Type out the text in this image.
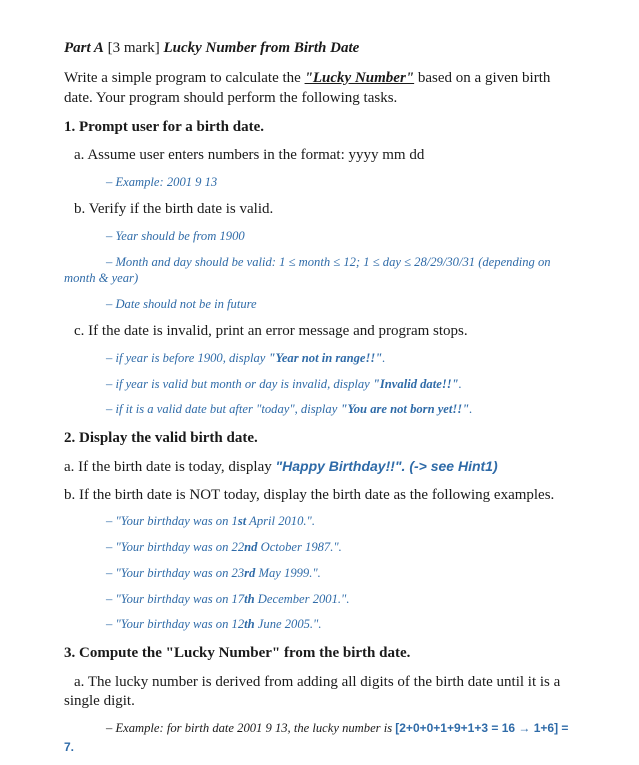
Part A [3 mark] Lucky Number from Birth Date
Write a simple program to calculate the "Lucky Number" based on a given birth
date. Your program should perform the following tasks.
1. Prompt user for a birth date.
a. Assume user enters numbers in the format: yyyy mm dd
– Example: 2001 9 13
b. Verify if the birth date is valid.
– Year should be from 1900
– Month and day should be valid: 1 ≤ month ≤ 12; 1 ≤ day ≤ 28/29/30/31 (depending on
month & year)
– Date should not be in future
c. If the date is invalid, print an error message and program stops.
– if year is before 1900, display "Year not in range!!".
– if year is valid but month or day is invalid, display "Invalid date!!".
– if it is a valid date but after "today", display "You are not born yet!!".
2. Display the valid birth date.
a. If the birth date is today, display "Happy Birthday!!". (-> see Hint1)
b. If the birth date is NOT today, display the birth date as the following examples.
– "Your birthday was on 1st April 2010.".
– "Your birthday was on 22nd October 1987.".
– "Your birthday was on 23rd May 1999.".
– "Your birthday was on 17th December 2001.".
– "Your birthday was on 12th June 2005.".
3. Compute the "Lucky Number" from the birth date.
a. The lucky number is derived from adding all digits of the birth date until it is a
single digit.
– Example: for birth date 2001 9 13, the lucky number is [2+0+0+1+9+1+3 = 16 → 1+6] =
7.
